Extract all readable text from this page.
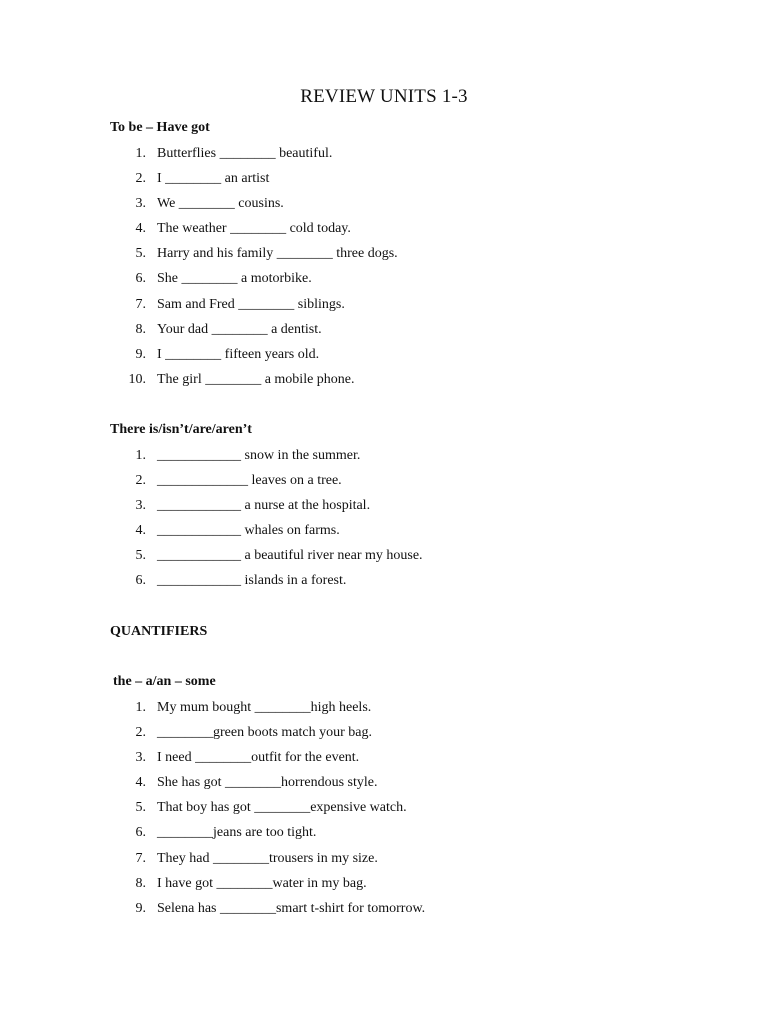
REVIEW UNITS 1-3
To be – Have got
1. Butterflies ________ beautiful.
2. I ________ an artist
3. We ________ cousins.
4. The weather ________ cold today.
5. Harry and his family ________ three dogs.
6. She ________ a motorbike.
7. Sam and Fred ________ siblings.
8. Your dad ________ a dentist.
9. I ________ fifteen years old.
10. The girl ________ a mobile phone.
There is/isn’t/are/aren’t
1. ____________ snow in the summer.
2. _____________ leaves on a tree.
3. ____________ a nurse at the hospital.
4. ____________ whales on farms.
5. ____________ a beautiful river near my house.
6. ____________ islands in a forest.
QUANTIFIERS
the – a/an – some
1. My mum bought ________high heels.
2. ________green boots match your bag.
3. I need ________outfit for the event.
4. She has got ________horrendous style.
5. That boy has got ________expensive watch.
6. ________jeans are too tight.
7. They had ________trousers in my size.
8. I have got ________water in my bag.
9. Selena has ________smart t-shirt for tomorrow.
